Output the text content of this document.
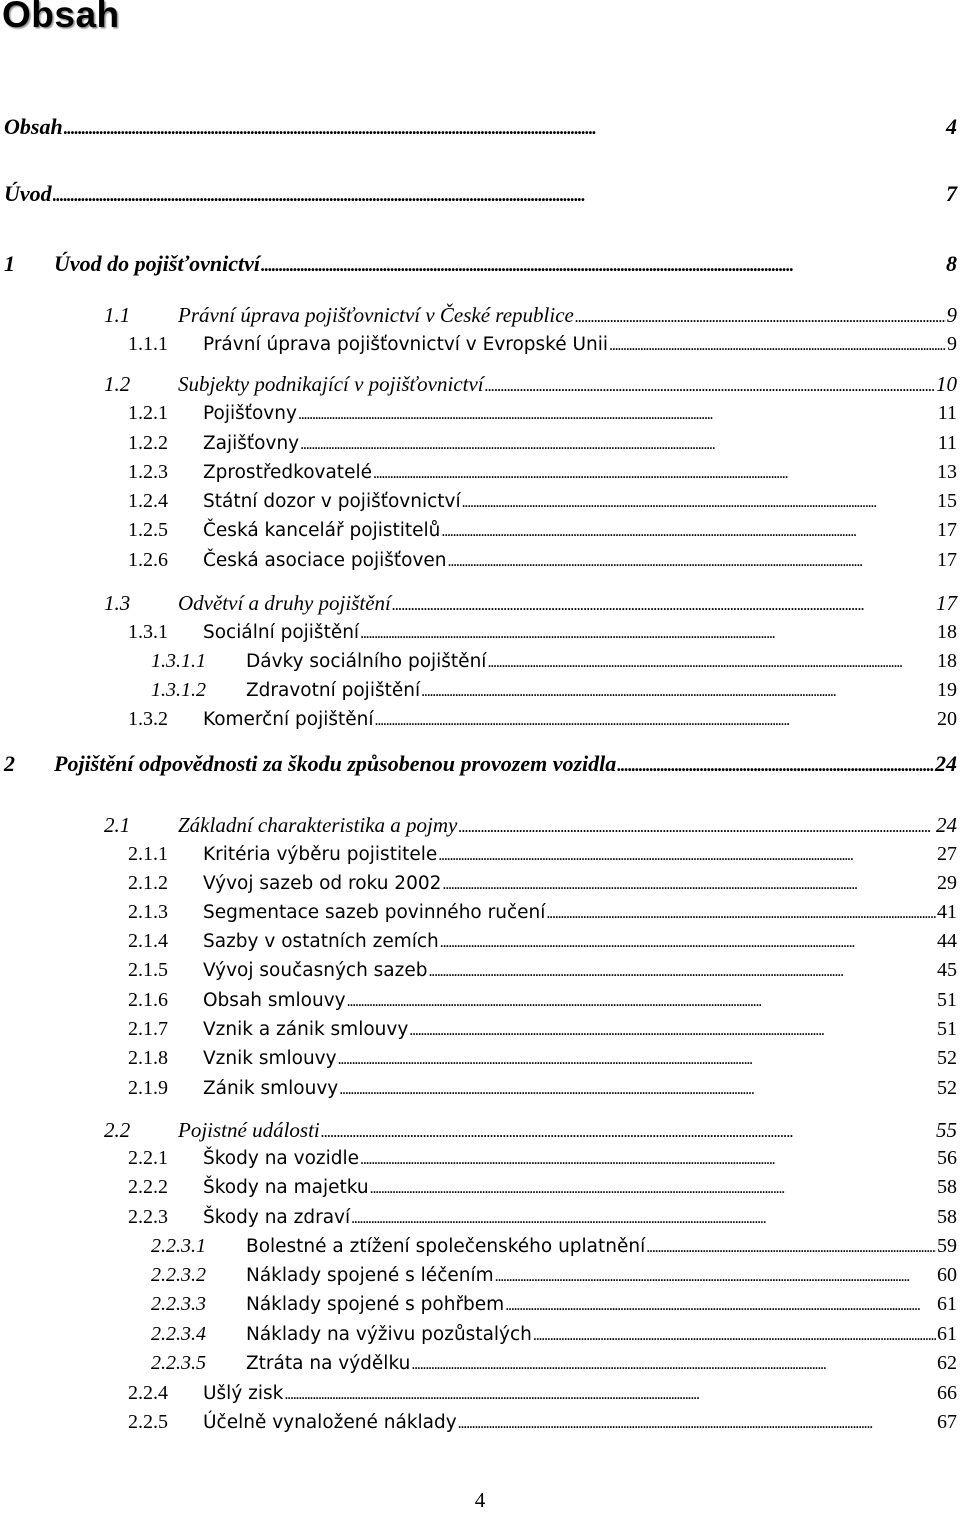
Obsah
Obsah . . .	4
Úvod . . .	7
1	Úvod do pojišťovnictví . . .	8
1.1	Právní úprava pojišťovnictví v České republice . . .	9
1.1.1	Právní úprava pojišťovnictví v Evropské Unii . . .	9
1.2	Subjekty podnikající v pojišťovnictví . . .	10
1.2.1	Pojišťovny . . .	11
1.2.2	Zajišťovny . . .	11
1.2.3	Zprostředkovatelé . . .	13
1.2.4	Státní dozor v pojišťovnictví . . .	15
1.2.5	Česká kancelář pojistitelů . . .	17
1.2.6	Česká asociace pojišťoven . . .	17
1.3	Odvětví a druhy pojištění . . .	17
1.3.1	Sociální pojištění . . .	18
1.3.1.1	Dávky sociálního pojištění . . .	18
1.3.1.2	Zdravotní pojištění . . .	19
1.3.2	Komerční pojištění . . .	20
2	Pojištění odpovědnosti za škodu způsobenou provozem vozidla . . .	24
2.1	Základní charakteristika a pojmy . . .	24
2.1.1	Kritéria výběru pojistitele . . .	27
2.1.2	Vývoj sazeb od roku 2002 . . .	29
2.1.3	Segmentace sazeb povinného ručení . . .	41
2.1.4	Sazby v ostatních zemích . . .	44
2.1.5	Vývoj současných sazeb . . .	45
2.1.6	Obsah smlouvy . . .	51
2.1.7	Vznik a zánik smlouvy . . .	51
2.1.8	Vznik smlouvy . . .	52
2.1.9	Zánik smlouvy . . .	52
2.2	Pojistné události . . .	55
2.2.1	Škody na vozidle . . .	56
2.2.2	Škody na majetku . . .	58
2.2.3	Škody na zdraví . . .	58
2.2.3.1	Bolestné a ztížení společenského uplatnění . . .	59
2.2.3.2	Náklady spojené s léčením . . .	60
2.2.3.3	Náklady spojené s pohřbem . . .	61
2.2.3.4	Náklady na výživu pozůstalých . . .	61
2.2.3.5	Ztráta na výdělku . . .	62
2.2.4	Ušlý zisk . . .	66
2.2.5	Účelně vynaložené náklady . . .	67
4
